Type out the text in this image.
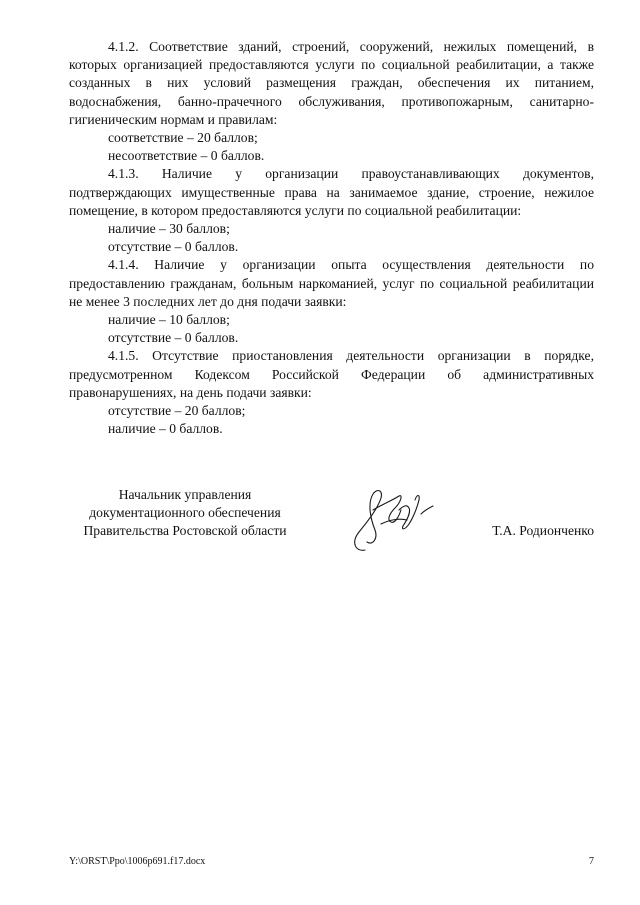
4.1.2. Соответствие зданий, строений, сооружений, нежилых помещений, в которых организацией предоставляются услуги по социальной реабилитации, а также созданных в них условий размещения граждан, обеспечения их питанием, водоснабжения, банно-прачечного обслуживания, противопожарным, санитарно-гигиеническим нормам и правилам:

соответствие – 20 баллов;

несоответствие – 0 баллов.

4.1.3. Наличие у организации правоустанавливающих документов, подтверждающих имущественные права на занимаемое здание, строение, нежилое помещение, в котором предоставляются услуги по социальной реабилитации:

наличие – 30 баллов;

отсутствие – 0 баллов.

4.1.4. Наличие у организации опыта осуществления деятельности по предоставлению гражданам, больным наркоманией, услуг по социальной реабилитации не менее 3 последних лет до дня подачи заявки:

наличие – 10 баллов;

отсутствие – 0 баллов.

4.1.5. Отсутствие приостановления деятельности организации в порядке, предусмотренном Кодексом Российской Федерации об административных правонарушениях, на день подачи заявки:

отсутствие – 20 баллов;

наличие – 0 баллов.

Начальник управления
документационного обеспечения
Правительства Ростовской области	Т.А. Родионченко
Y:\ORST\Ppo\1006p691.f17.docx	7
